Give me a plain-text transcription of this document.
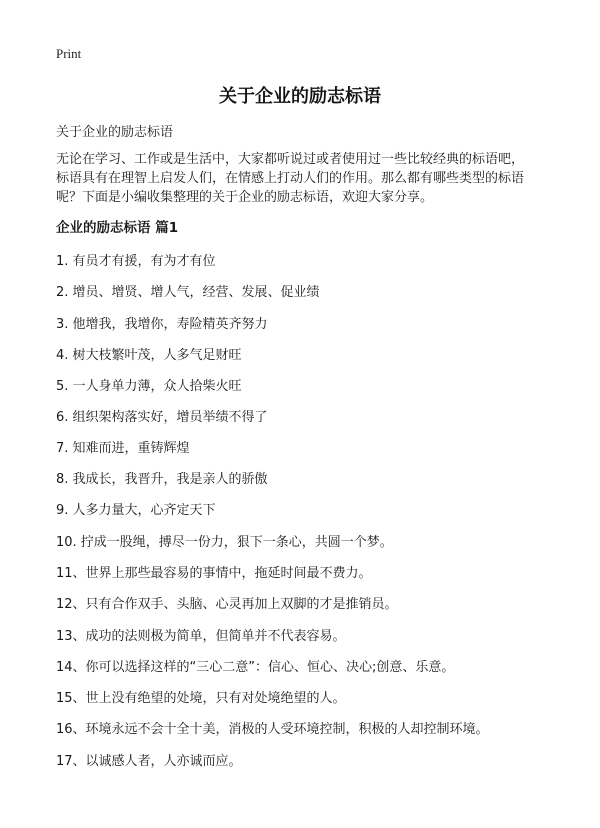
Print
关于企业的励志标语
关于企业的励志标语
无论在学习、工作或是生活中，大家都听说过或者使用过一些比较经典的标语吧，
标语具有在理智上启发人们，在情感上打动人们的作用。那么都有哪些类型的标语
呢？下面是小编收集整理的关于企业的励志标语，欢迎大家分享。
企业的励志标语 篇1
1. 有员才有援，有为才有位
2. 增员、增贤、增人气，经营、发展、促业绩
3. 他增我，我增你，寿险精英齐努力
4. 树大枝繁叶茂，人多气足财旺
5. 一人身单力薄，众人拾柴火旺
6. 组织架构落实好，增员举绩不得了
7. 知难而进，重铸辉煌
8. 我成长，我晋升，我是亲人的骄傲
9. 人多力量大，心齐定天下
10. 拧成一股绳，搏尽一份力，狠下一条心，共圆一个梦。
11、世界上那些最容易的事情中，拖延时间最不费力。
12、只有合作双手、头脑、心灵再加上双脚的才是推销员。
13、成功的法则极为简单，但简单并不代表容易。
14、你可以选择这样的“三心二意”：信心、恒心、决心;创意、乐意。
15、世上没有绝望的处境，只有对处境绝望的人。
16、环境永远不会十全十美，消极的人受环境控制，积极的人却控制环境。
17、以诚感人者，人亦诚而应。
